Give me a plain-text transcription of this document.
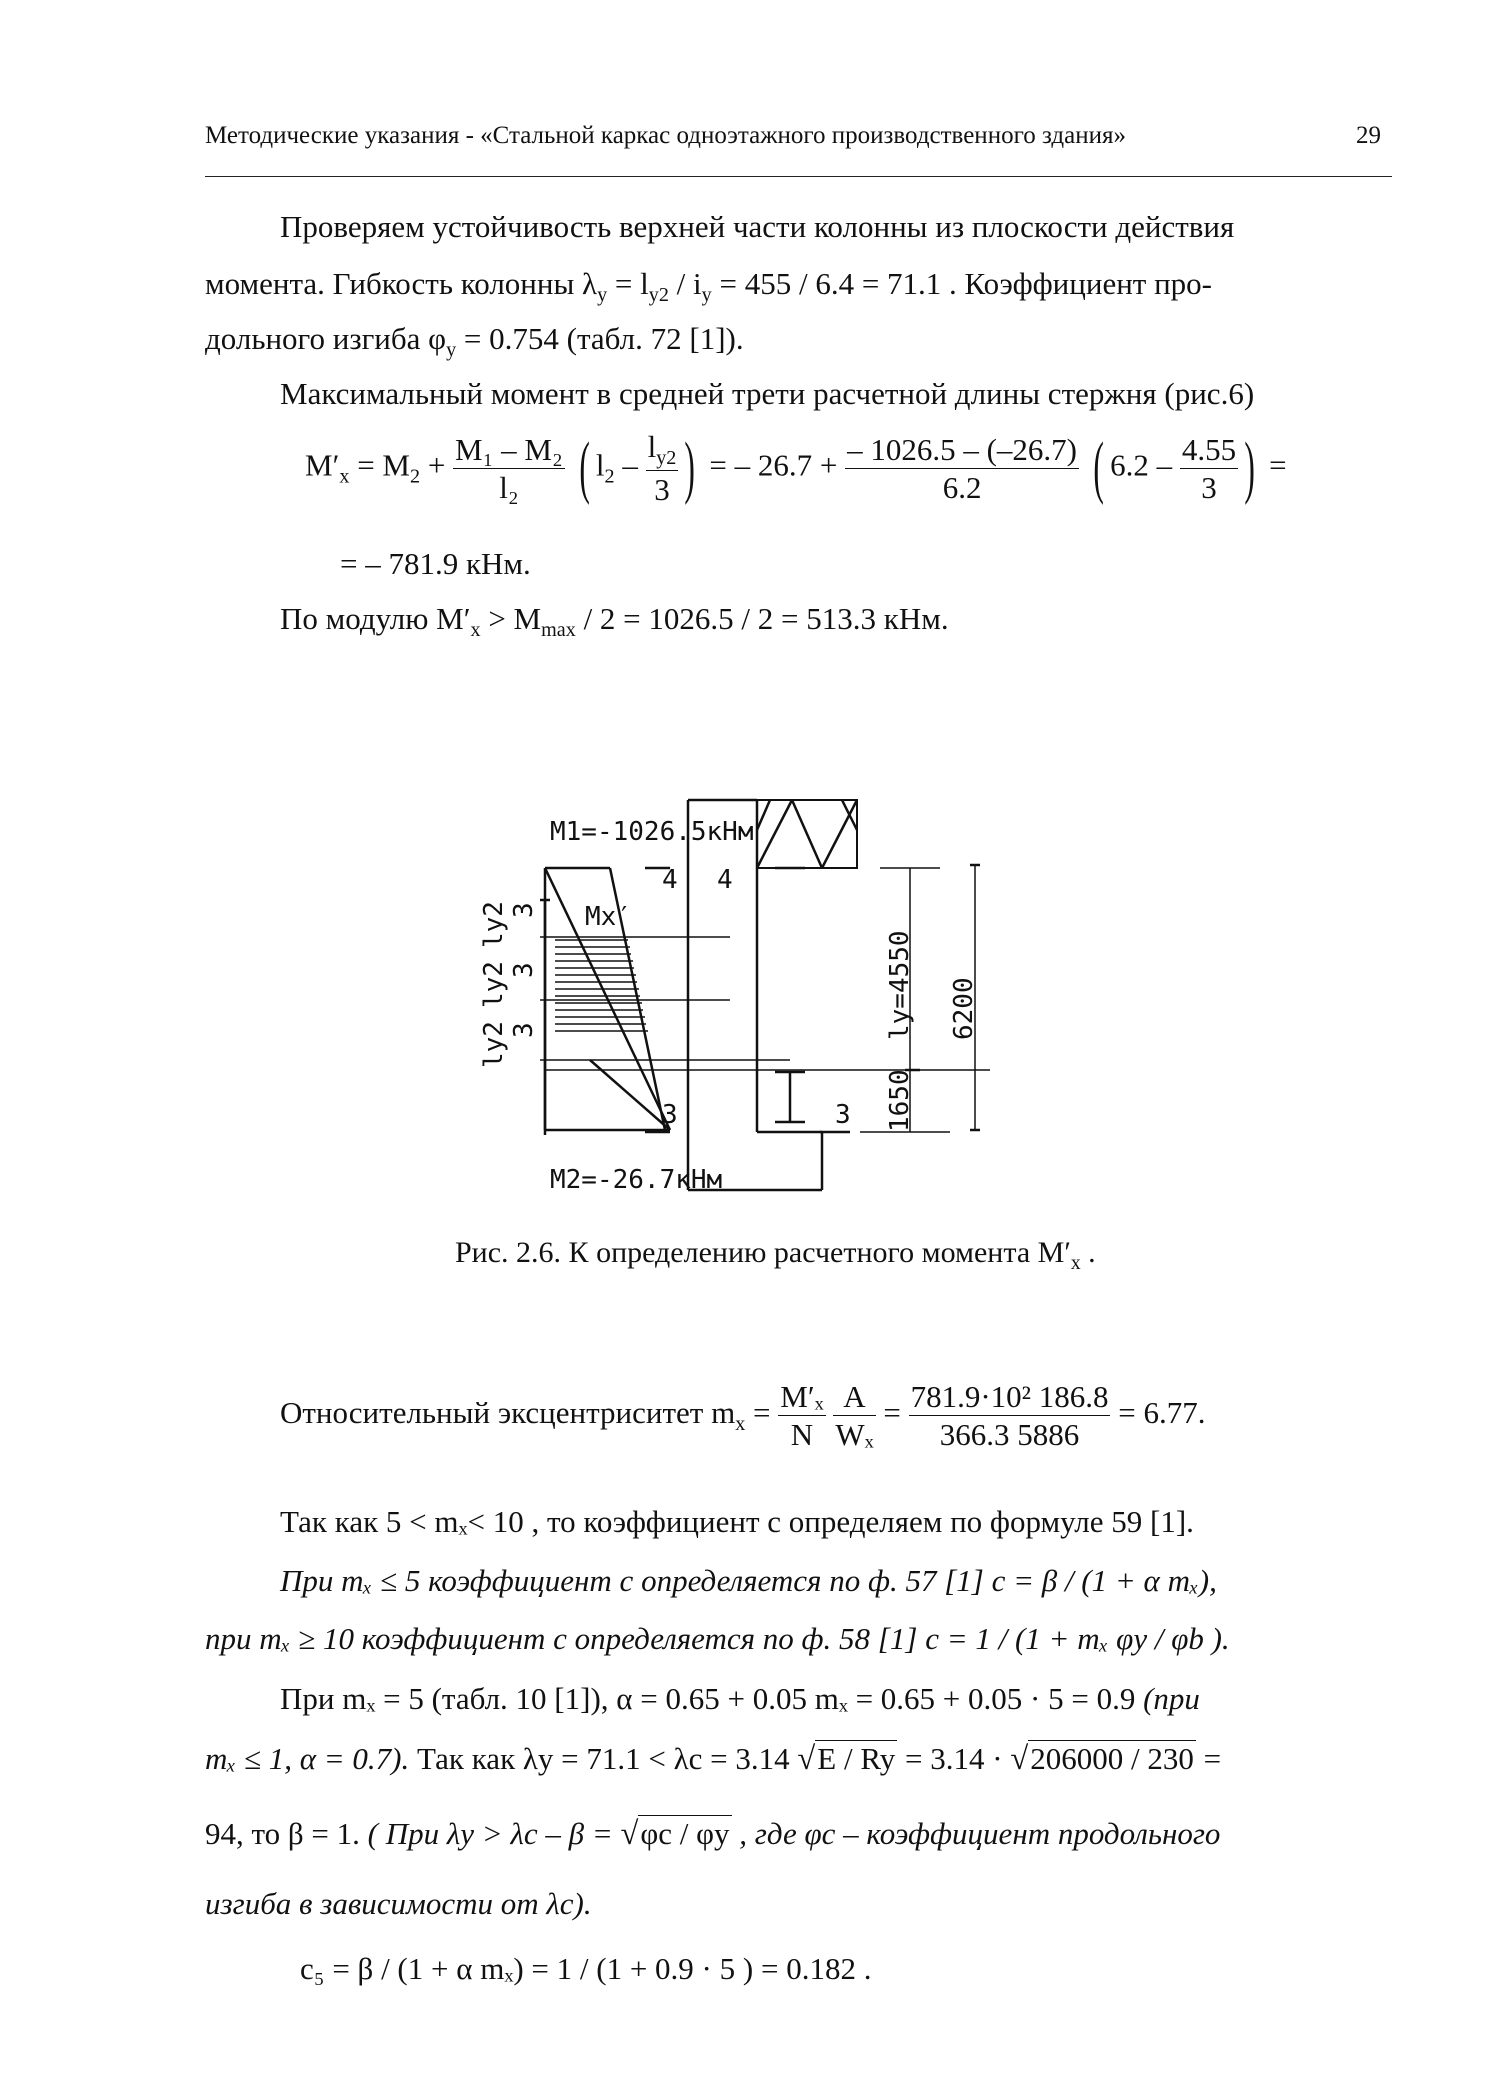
Методические указания - «Стальной каркас одноэтажного производственного здания»	29
Проверяем устойчивость верхней части колонны из плоскости действия
момента. Гибкость колонны $\lambda_y = l_{y2} / i_y = 455 / 6.4 = 71.1$ . Коэффициент про-
дольного изгиба $\varphi_y = 0.754$ (табл. 72 [1]).
Максимальный момент в средней трети расчетной длины стержня (рис.6)
$M'_x = M_2 + \frac{\text{M₁ – M₂}}{\text{l₂}}$ ( $l_2 - \frac{l_{y2}}{3}$ ) = – $26.7 + \frac{- 1026.5 - (-26.7)}{6.2}$ ( $6.2 - \frac{4.55}{3}$ ) =
= – 781.9 кНм.
По модулю $M'_x > M_{max} / 2 = 1026.5 / 2 = 513.3$ кНм.
M1=-1026.5кНм
M2=-26.7кНм
Mx′
4 4
3	3
ly2
ly2
ly2
3
3
3	ly=4550 6200
1650
Рис. 2.6. К определению расчетного момента $M'_x$ .
Относительный эксцентриситет $m_x = \frac{\text{M′ₓ}}{N}$
$\frac{A}{\text{Wₓ}} = \frac{\text{781.9·10² 186.8}}{366.3 5886} = 6.77$.
Так как 5 < mₓ< 10 , то коэффициент с определяем по формуле 59 [1].
При mₓ ≤ 5 коэффициент с определяется по ф. 57 [1] с = β / (1 + α mₓ),
при mₓ ≥ 10 коэффициент с определяется по ф. 58 [1] с = 1 / (1 + mₓ φy / φb ).
При mₓ = 5 (табл. 10 [1]), α = 0.65 + 0.05 mₓ = 0.65 + 0.05 · 5 = 0.9 (при
mₓ ≤ 1, α = 0.7). Так как λy = 71.1 < λc = 3.14 √E / Ry = 3.14 · √206000 / 230 =
94, то β = 1. ( При λy > λc – β = √φc / φy , где φc – коэффициент продольного
изгиба в зависимости от λc).
c₅ = β / (1 + α mₓ) = 1 / (1 + 0.9 · 5 ) = 0.182 .
